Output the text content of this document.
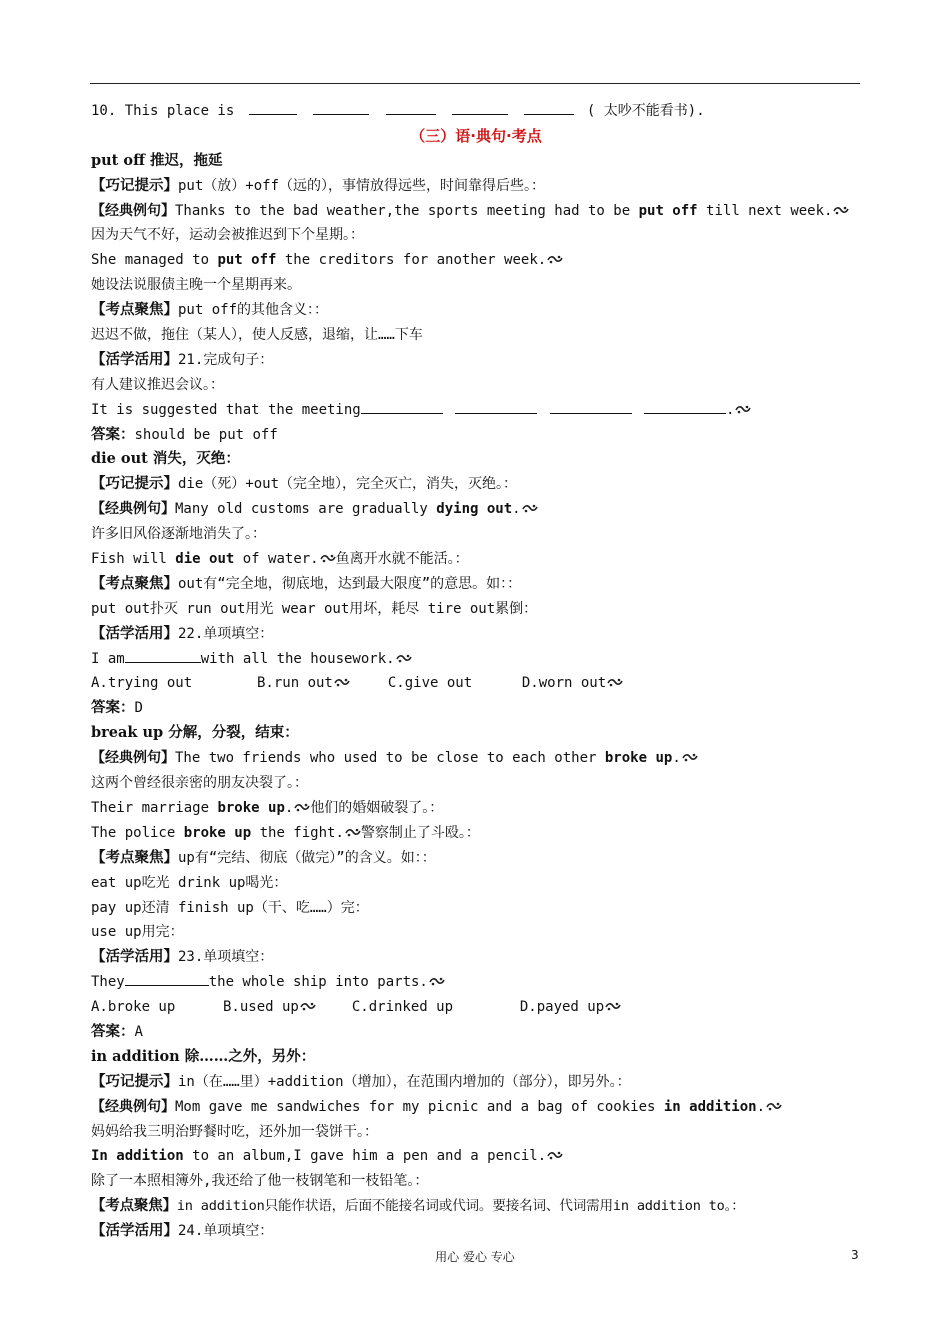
10. This place is	( 太吵不能看书).
（三）语·典句·考点
put off 推迟，拖延
【巧记提示】put（放）+off（远的），事情放得远些，时间靠得后些。：
【经典例句】Thanks to the bad weather,the sports meeting had to be put off till next week.
因为天气不好，运动会被推迟到下个星期。：
She managed to put off the creditors for another week.
她设法说服债主晚一个星期再来。
【考点聚焦】put off的其他含义：：
迟迟不做，拖住（某人），使人反感，退缩，让……下车
【活学活用】21.完成句子：
有人建议推迟会议。：
It is suggested that the meeting	.
答案：should be put off
die out 消失，灭绝：
【巧记提示】die（死）+out（完全地），完全灭亡，消失，灭绝。：
【经典例句】Many old customs are gradually dying out.
许多旧风俗逐渐地消失了。：
Fish will die out of water. 鱼离开水就不能活。：
【考点聚焦】out有“完全地，彻底地，达到最大限度”的意思。如：：
put out扑灭 run out用光 wear out用坏，耗尽 tire out累倒：
【活学活用】22.单项填空：
I am	with all the housework.
A.trying out	B.run out	C.give out	D.worn out
答案：D
break up 分解，分裂，结束：
【经典例句】The two friends who used to be close to each other broke up.
这两个曾经很亲密的朋友决裂了。：
Their marriage broke up. 他们的婚姻破裂了。：
The police broke up the fight. 警察制止了斗殴。：
【考点聚焦】up有“完结、彻底（做完）”的含义。如：：
eat up吃光 drink up喝光：
pay up还清 finish up（干、吃……）完：
use up用完：
【活学活用】23.单项填空：
They	the whole ship into parts.
A.broke up	B.used up	C.drinked up	D.payed up
答案：A
in addition 除……之外，另外：
【巧记提示】in（在……里）+addition（增加），在范围内增加的（部分），即另外。：
【经典例句】Mom gave me sandwiches for my picnic and a bag of cookies in addition.
妈妈给我三明治野餐时吃，还外加一袋饼干。：
In addition to an album,I gave him a pen and a pencil.
除了一本照相簿外,我还给了他一枝钢笔和一枝铅笔。：
【考点聚焦】in addition只能作状语，后面不能接名词或代词。要接名词、代词需用in addition to。：
【活学活用】24.单项填空：
用心 爱心 专心	3
